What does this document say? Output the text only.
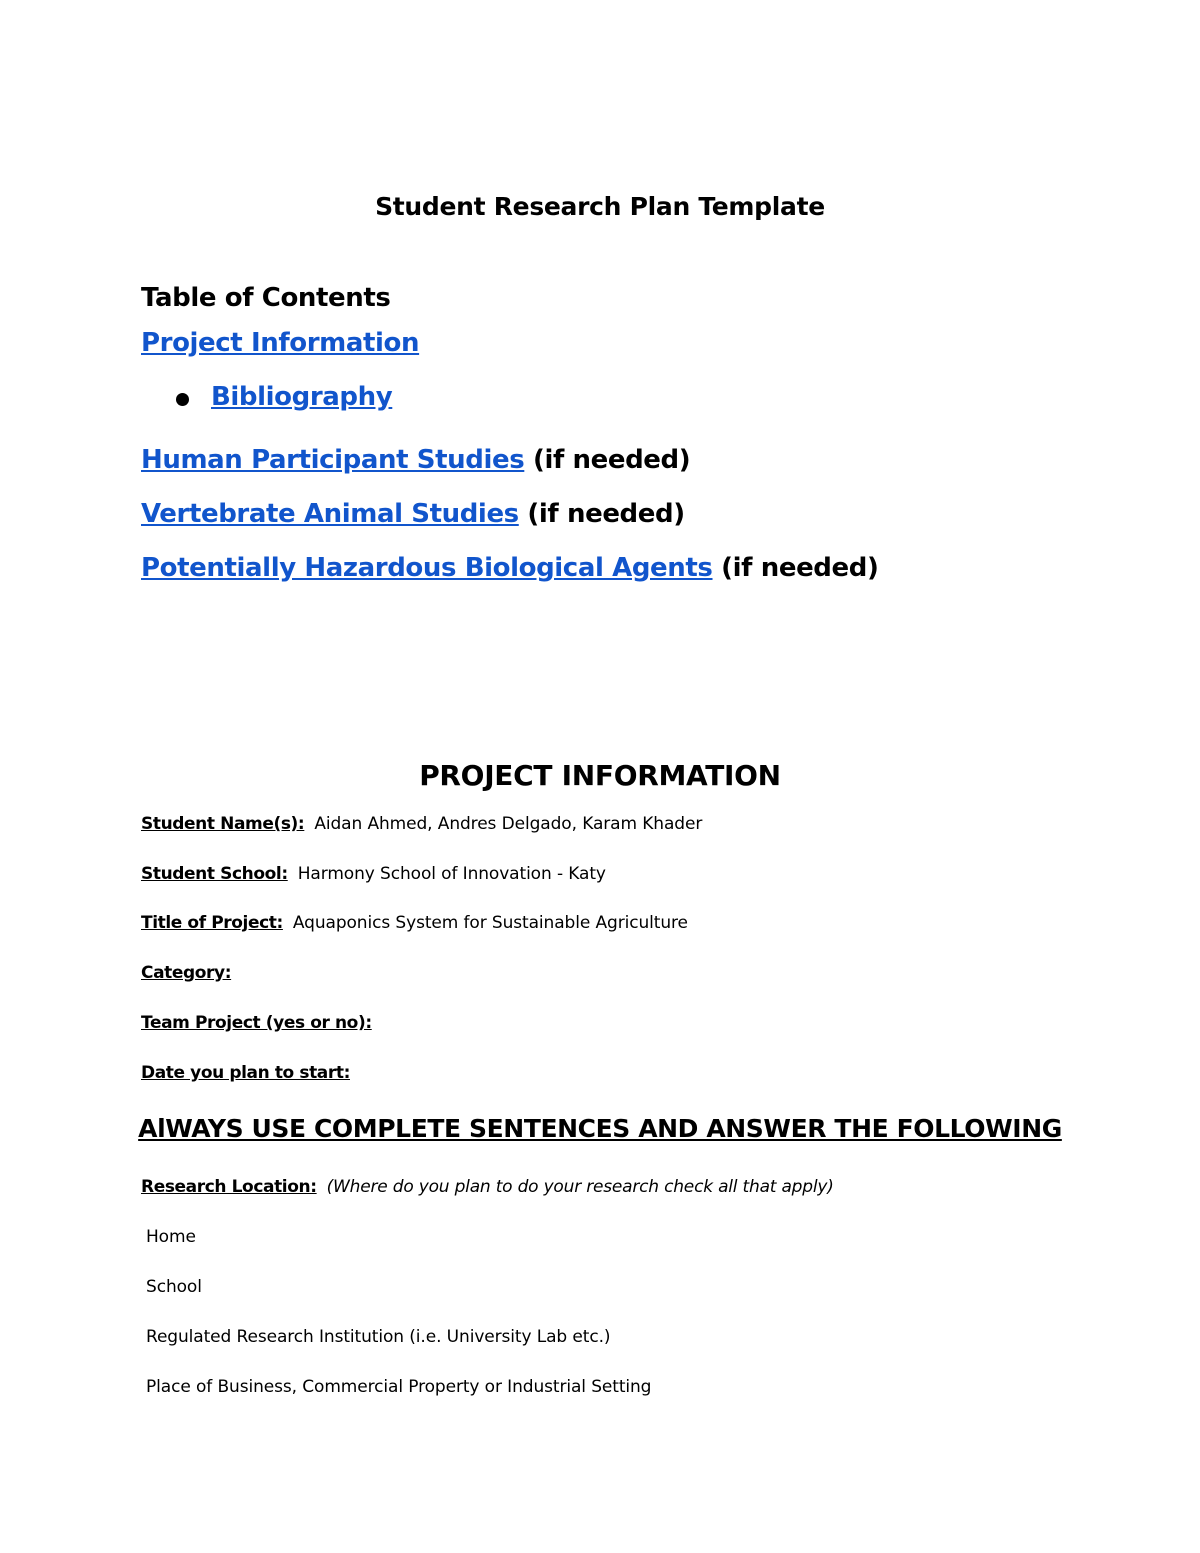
Student Research Plan Template
Table of Contents
Project Information
Bibliography
Human Participant Studies (if needed)
Vertebrate Animal Studies (if needed)
Potentially Hazardous Biological Agents (if needed)
PROJECT INFORMATION
Student Name(s): Aidan Ahmed, Andres Delgado, Karam Khader
Student School: Harmony School of Innovation - Katy
Title of Project: Aquaponics System for Sustainable Agriculture
Category:
Team Project (yes or no):
Date you plan to start:
AlWAYS USE COMPLETE SENTENCES AND ANSWER THE FOLLOWING
Research Location: (Where do you plan to do your research check all that apply)
Home
School
Regulated Research Institution (i.e. University Lab etc.)
Place of Business, Commercial Property or Industrial Setting
